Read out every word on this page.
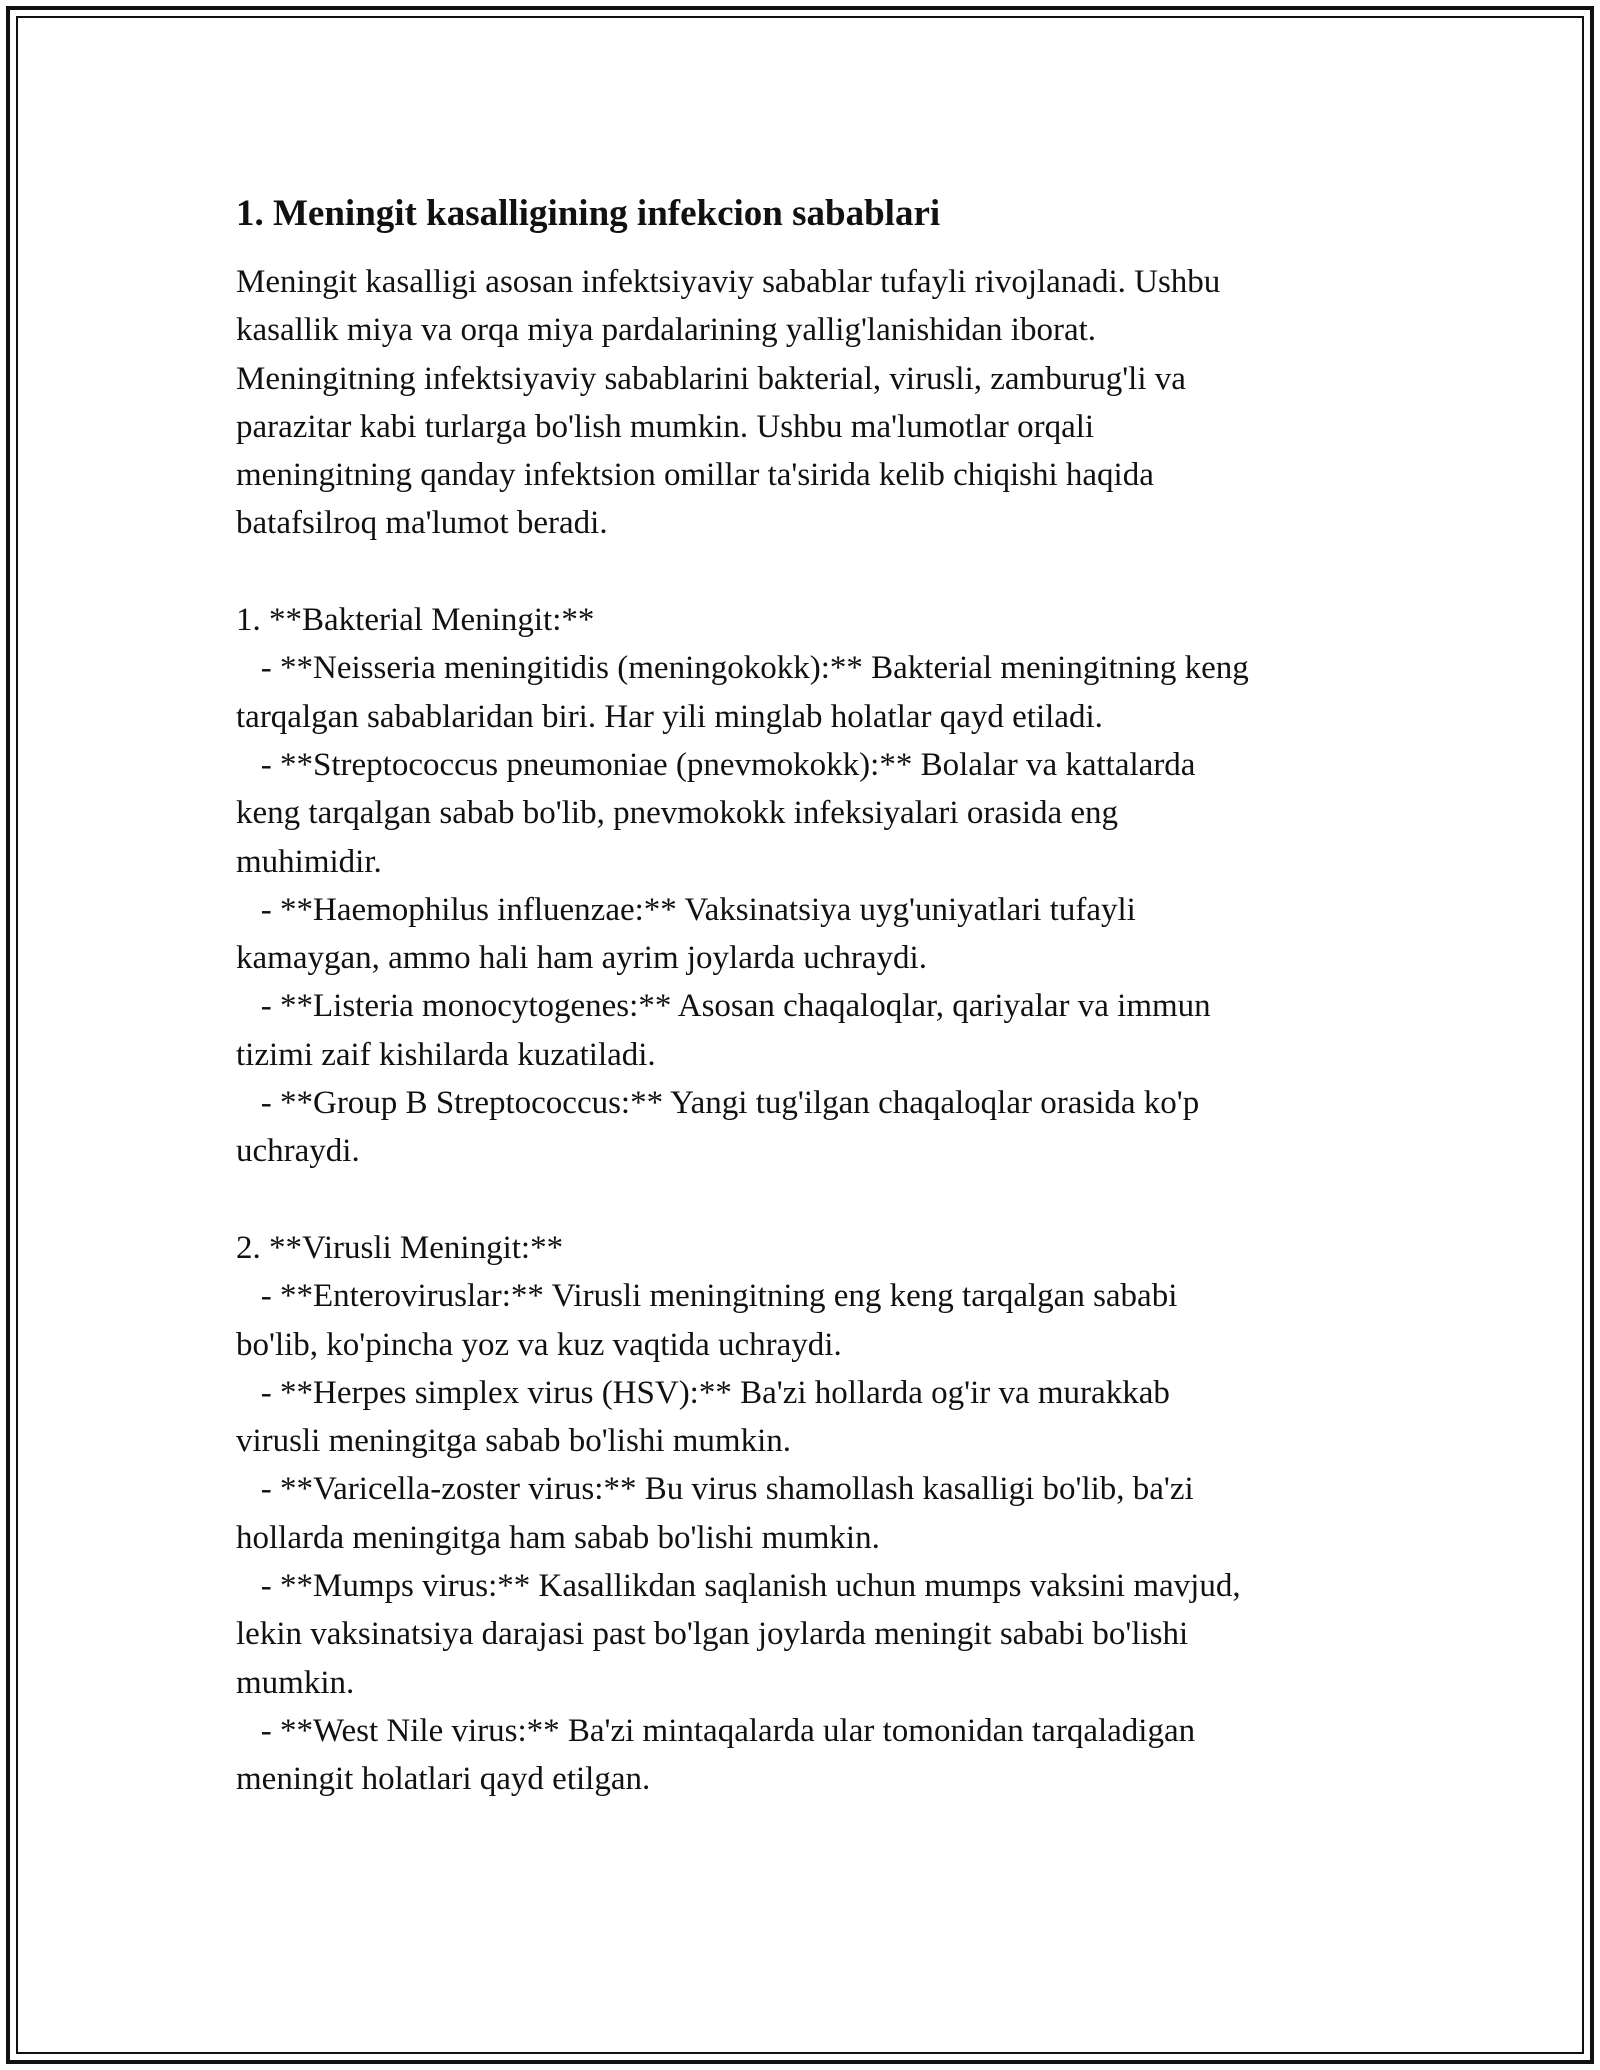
1. Meningit kasalligining infekcion sabablari

Meningit kasalligi asosan infektsiyaviy sabablar tufayli rivojlanadi. Ushbu
kasallik miya va orqa miya pardalarining yallig'lanishidan iborat.
Meningitning infektsiyaviy sabablarini bakterial, virusli, zamburug'li va
parazitar kabi turlarga bo'lish mumkin. Ushbu ma'lumotlar orqali
meningitning qanday infektsion omillar ta'sirida kelib chiqishi haqida
batafsilroq ma'lumot beradi.

1. **Bakterial Meningit:**

- **Neisseria meningitidis (meningokokk):** Bakterial meningitning keng
tarqalgan sabablaridan biri. Har yili minglab holatlar qayd etiladi.

- **Streptococcus pneumoniae (pnevmokokk):** Bolalar va kattalarda
keng tarqalgan sabab bo'lib, pnevmokokk infeksiyalari orasida eng
muhimidir.

- **Haemophilus influenzae:** Vaksinatsiya uyg'uniyatlari tufayli
kamaygan, ammo hali ham ayrim joylarda uchraydi.

- **Listeria monocytogenes:** Asosan chaqaloqlar, qariyalar va immun
tizimi zaif kishilarda kuzatiladi.

- **Group B Streptococcus:** Yangi tug'ilgan chaqaloqlar orasida ko'p
uchraydi.

2. **Virusli Meningit:**

- **Enteroviruslar:** Virusli meningitning eng keng tarqalgan sababi
bo'lib, ko'pincha yoz va kuz vaqtida uchraydi.

- **Herpes simplex virus (HSV):** Ba'zi hollarda og'ir va murakkab
virusli meningitga sabab bo'lishi mumkin.

- **Varicella-zoster virus:** Bu virus shamollash kasalligi bo'lib, ba'zi
hollarda meningitga ham sabab bo'lishi mumkin.

- **Mumps virus:** Kasallikdan saqlanish uchun mumps vaksini mavjud,
lekin vaksinatsiya darajasi past bo'lgan joylarda meningit sababi bo'lishi
mumkin.

- **West Nile virus:** Ba'zi mintaqalarda ular tomonidan tarqaladigan
meningit holatlari qayd etilgan.
